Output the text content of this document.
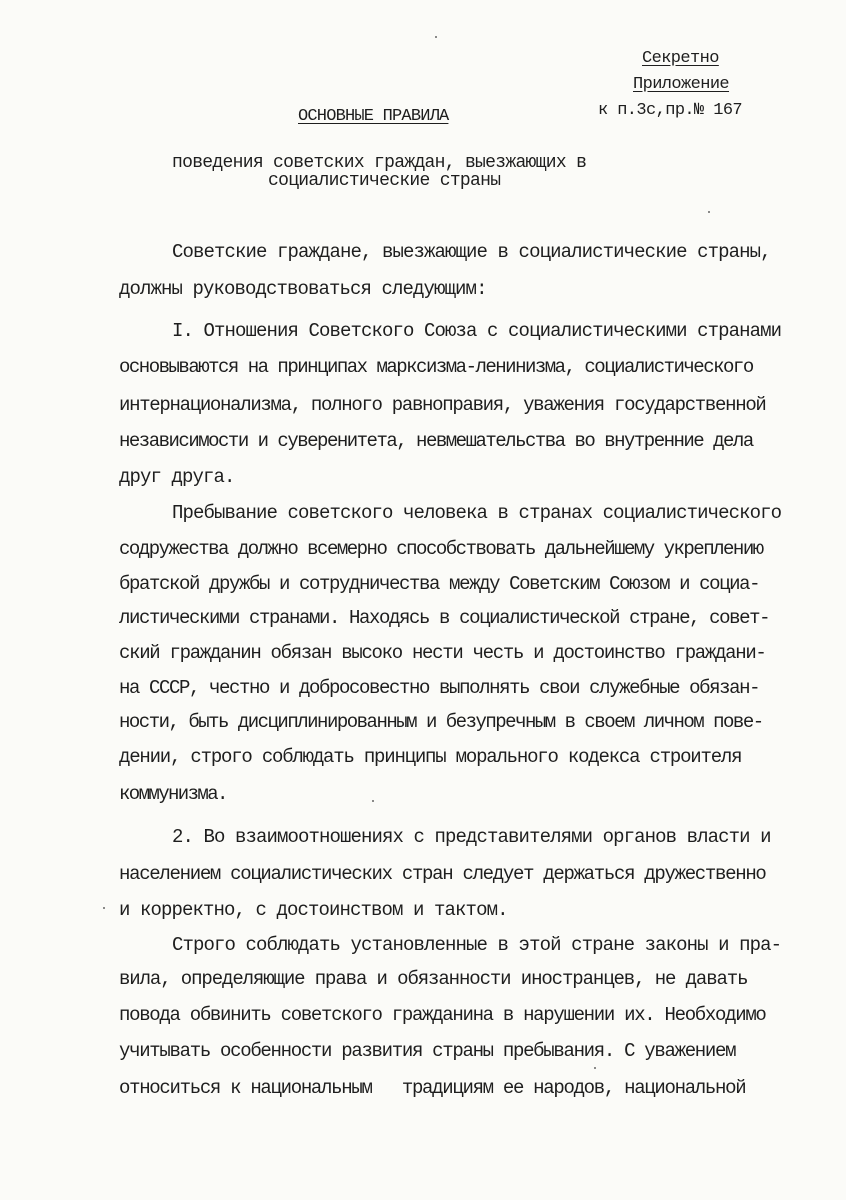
Секретно
Приложение
к п.3с,пр.№ 167
ОСНОВНЫЕ ПРАВИЛА
поведения советских граждан, выезжающих в
социалистические страны
Советские граждане, выезжающие в социалистические страны,
должны руководствоваться следующим:
I. Отношения Советского Союза с социалистическими странами
основываются на принципах марксизма-ленинизма, социалистического
интернационализма, полного равноправия, уважения государственной
независимости и суверенитета, невмешательства во внутренние дела
друг друга.
Пребывание советского человека в странах социалистического
содружества должно всемерно способствовать дальнейшему укреплению
братской дружбы и сотрудничества между Советским Союзом и социа-
листическими странами. Находясь в социалистической стране, совет-
ский гражданин обязан высоко нести честь и достоинство граждани-
на СССР, честно и добросовестно выполнять свои служебные обязан-
ности, быть дисциплинированным и безупречным в своем личном пове-
дении, строго соблюдать принципы морального кодекса строителя
коммунизма.
2. Во взаимоотношениях с представителями органов власти и
населением социалистических стран следует держаться дружественно
и корректно, с достоинством и тактом.
Строго соблюдать установленные в этой стране законы и пра-
вила, определяющие права и обязанности иностранцев, не давать
повода обвинить советского гражданина в нарушении их. Необходимо
учитывать особенности развития страны пребывания. С уважением
относиться к национальным   традициям ее народов, национальной
